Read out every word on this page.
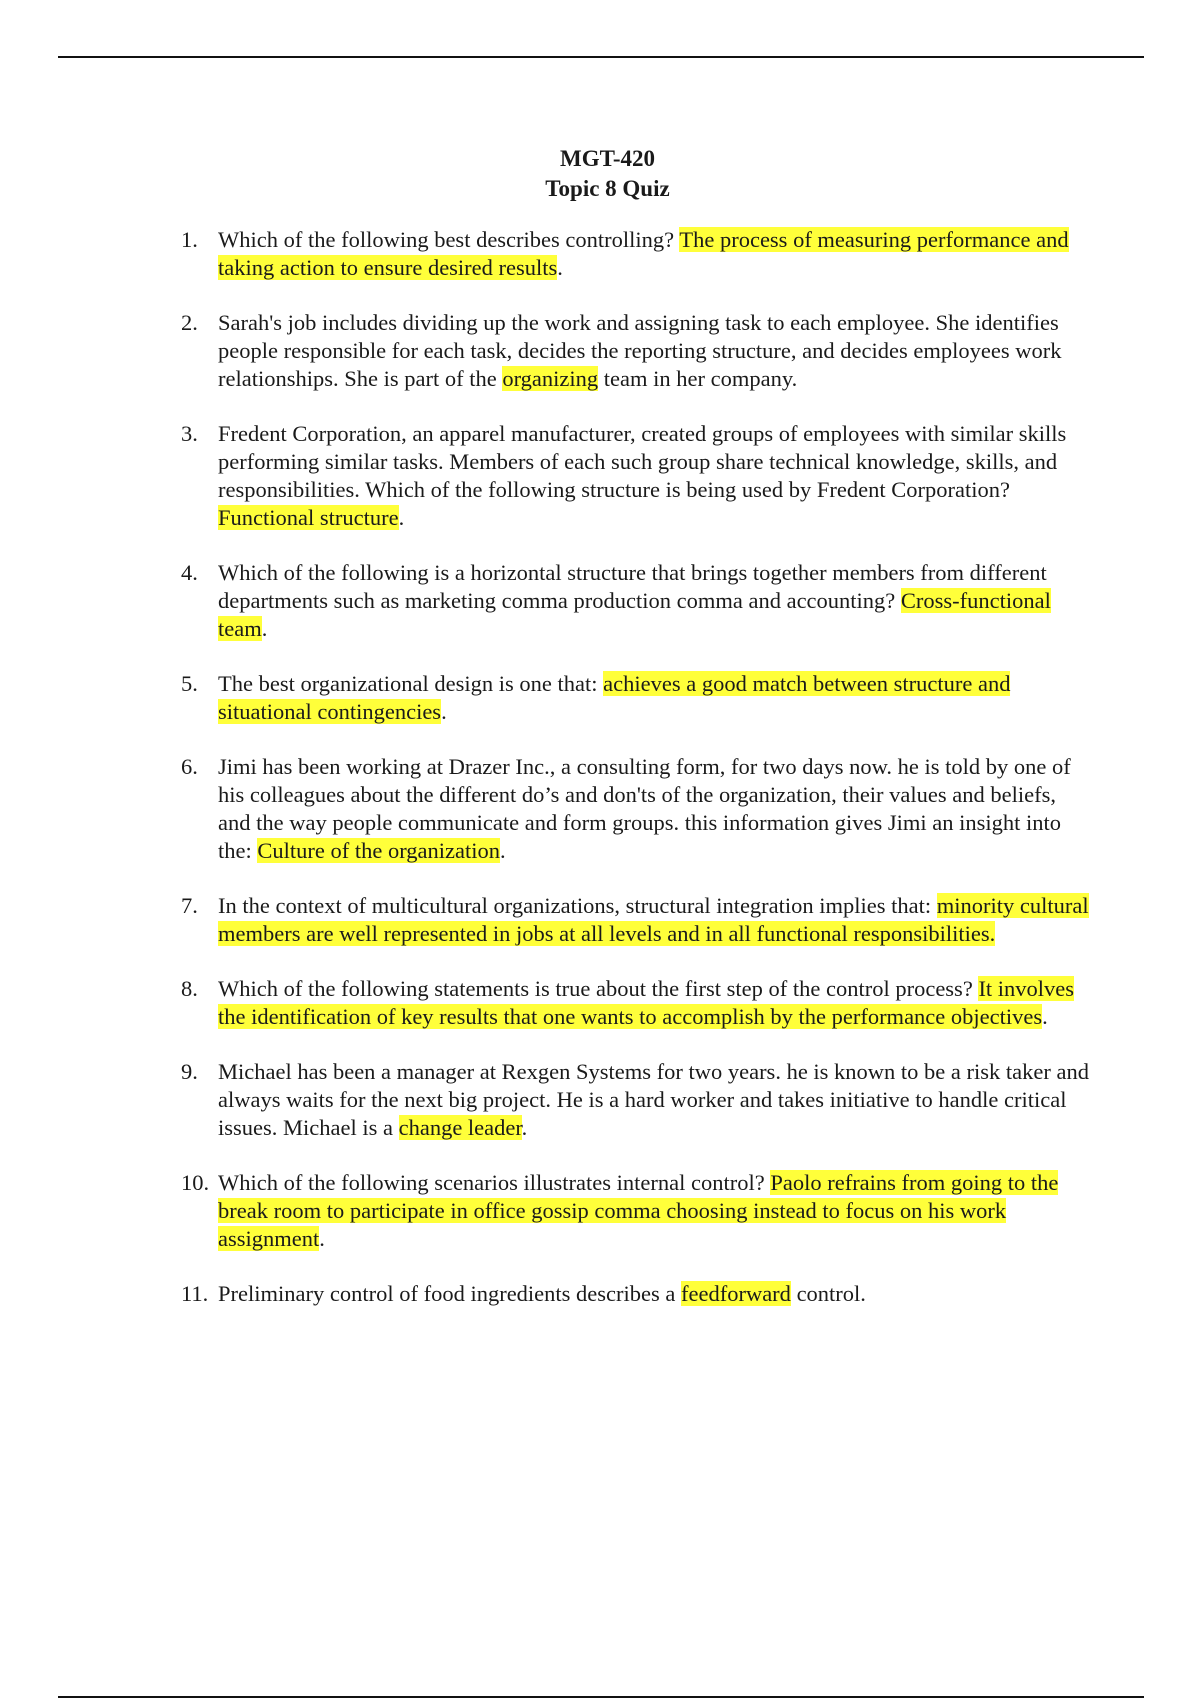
MGT-420
Topic 8 Quiz
1. Which of the following best describes controlling? The process of measuring performance and taking action to ensure desired results.
2. Sarah's job includes dividing up the work and assigning task to each employee. She identifies people responsible for each task, decides the reporting structure, and decides employees work relationships. She is part of the organizing team in her company.
3. Fredent Corporation, an apparel manufacturer, created groups of employees with similar skills performing similar tasks. Members of each such group share technical knowledge, skills, and responsibilities. Which of the following structure is being used by Fredent Corporation? Functional structure.
4. Which of the following is a horizontal structure that brings together members from different departments such as marketing comma production comma and accounting? Cross-functional team.
5. The best organizational design is one that: achieves a good match between structure and situational contingencies.
6. Jimi has been working at Drazer Inc., a consulting form, for two days now. he is told by one of his colleagues about the different do’s and don'ts of the organization, their values and beliefs, and the way people communicate and form groups. this information gives Jimi an insight into the: Culture of the organization.
7. In the context of multicultural organizations, structural integration implies that: minority cultural members are well represented in jobs at all levels and in all functional responsibilities.
8. Which of the following statements is true about the first step of the control process? It involves the identification of key results that one wants to accomplish by the performance objectives.
9. Michael has been a manager at Rexgen Systems for two years. he is known to be a risk taker and always waits for the next big project. He is a hard worker and takes initiative to handle critical issues. Michael is a change leader.
10. Which of the following scenarios illustrates internal control? Paolo refrains from going to the break room to participate in office gossip comma choosing instead to focus on his work assignment.
11. Preliminary control of food ingredients describes a feedforward control.
